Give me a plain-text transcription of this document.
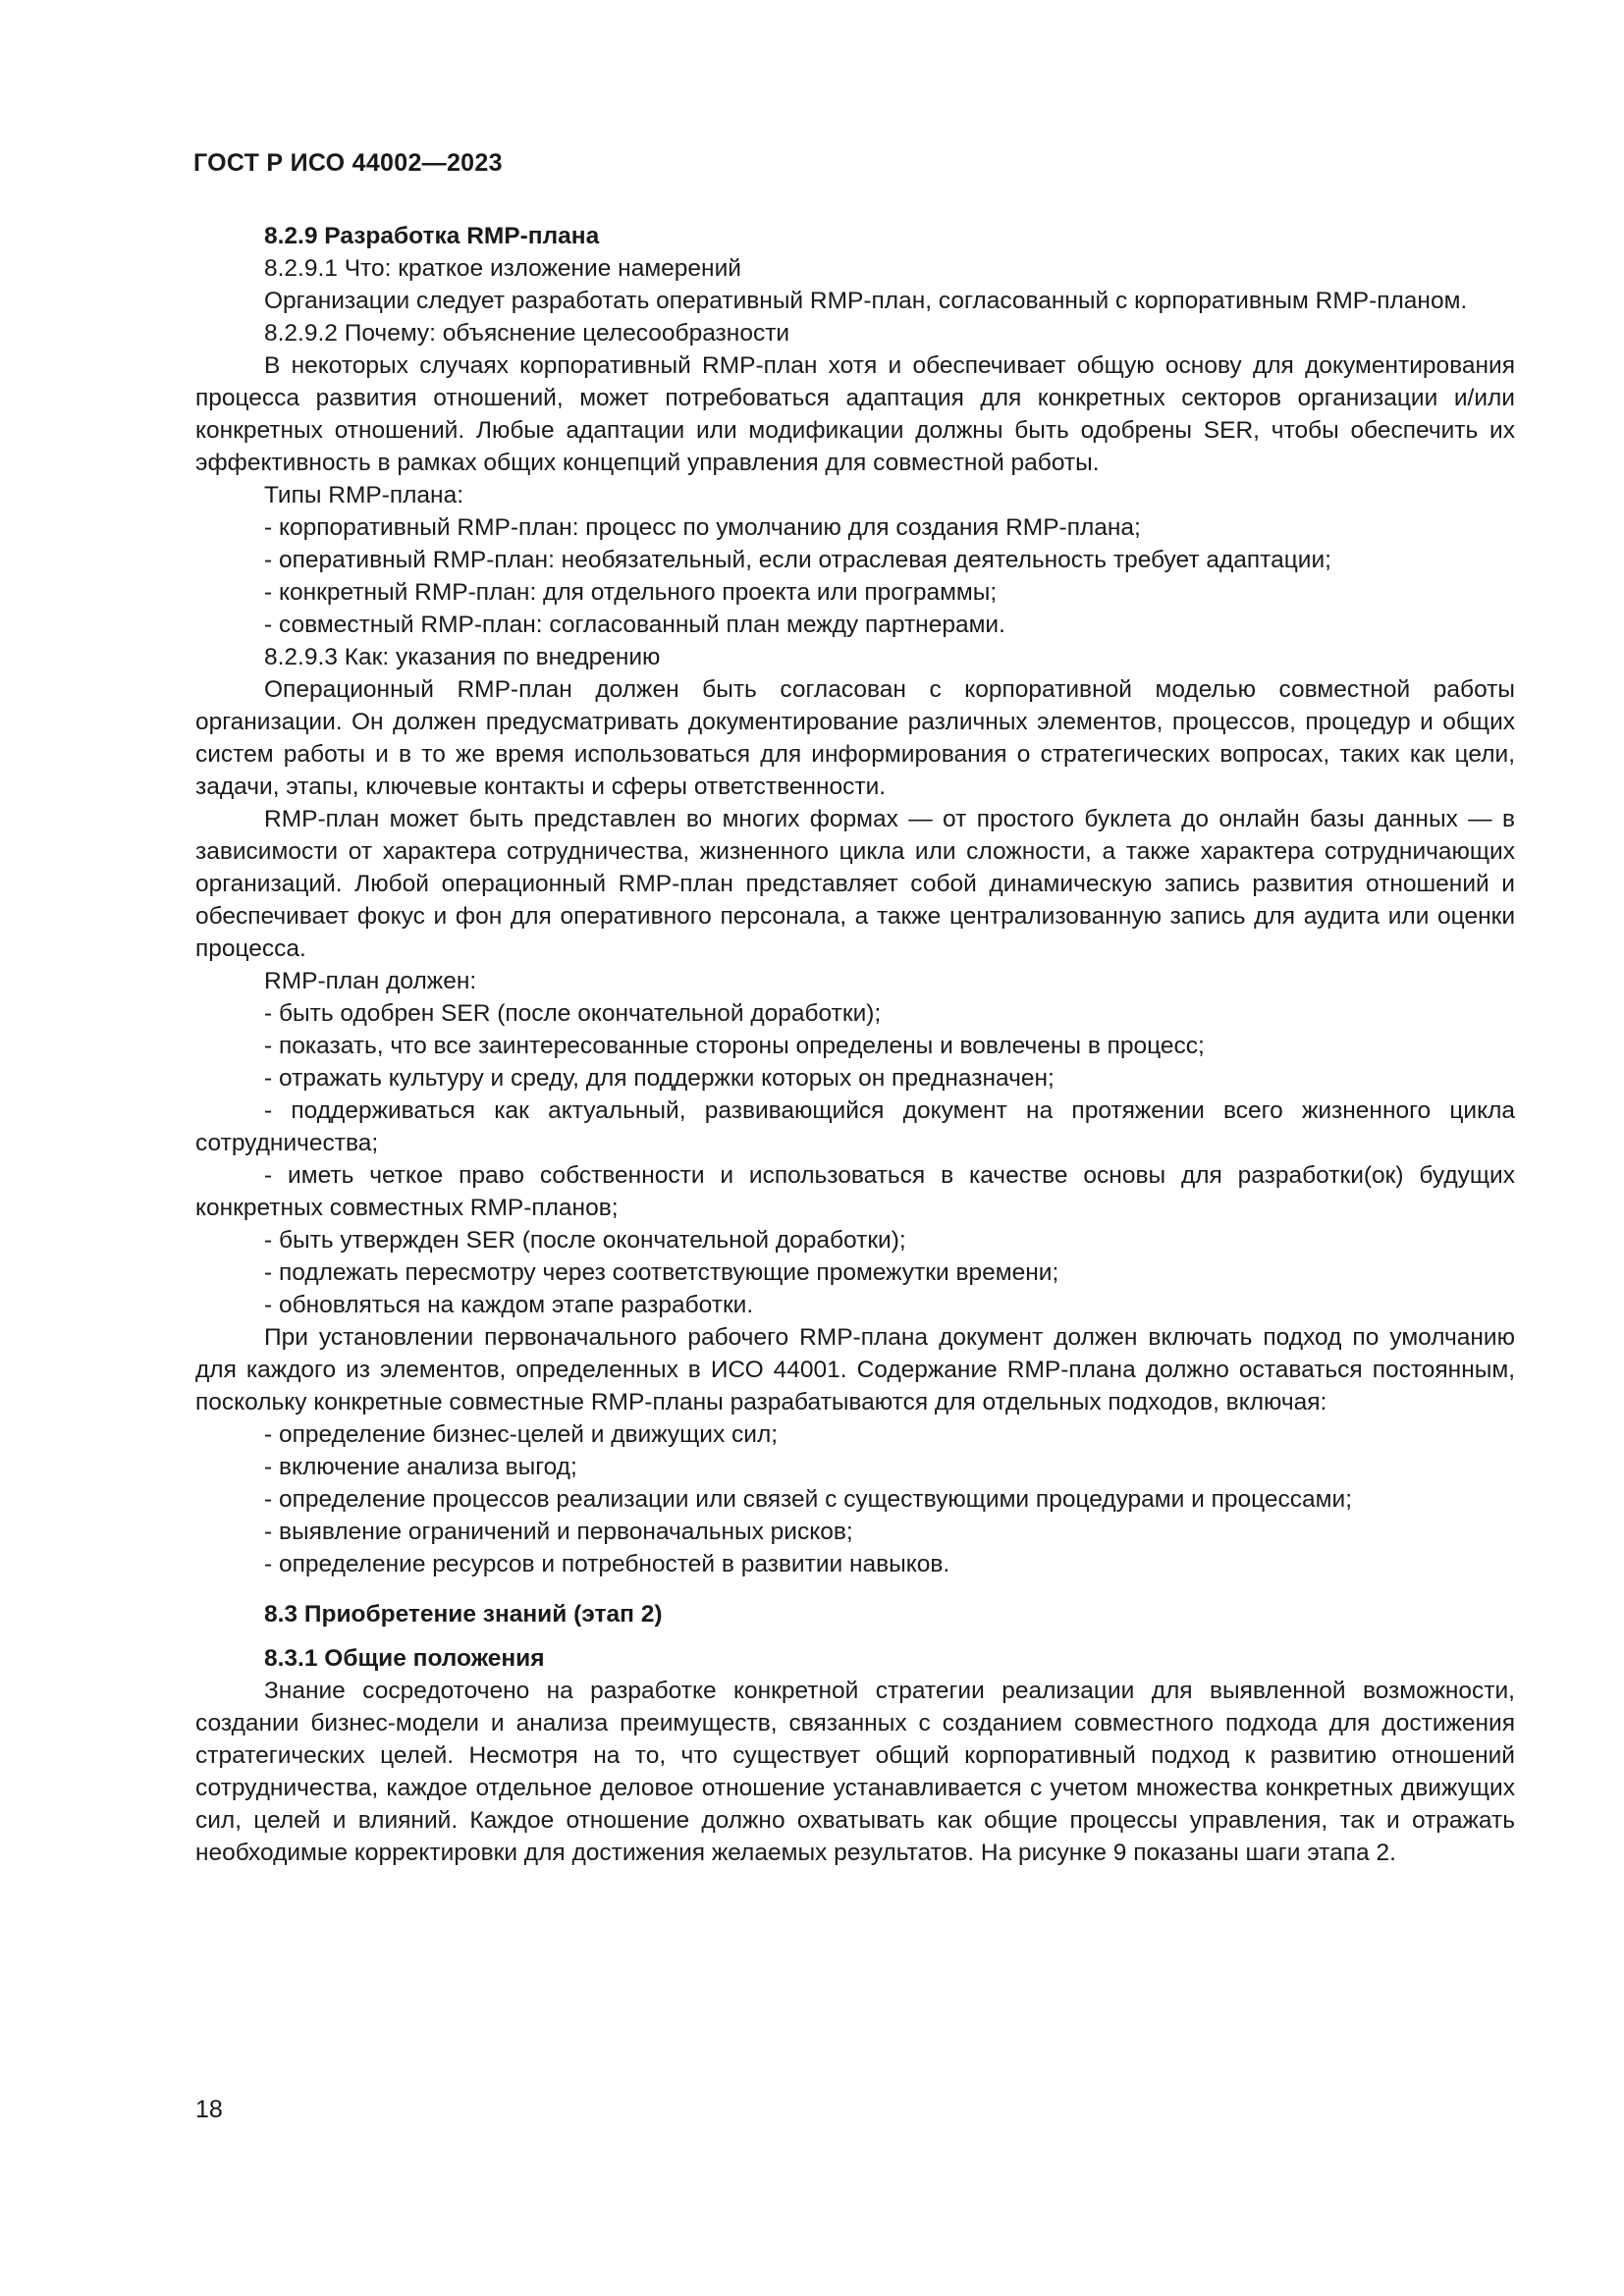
ГОСТ Р ИСО 44002—2023

8.2.9 Разработка RMP-плана

8.2.9.1 Что: краткое изложение намерений

Организации следует разработать оперативный RMP-план, согласованный с корпоративным RMP-планом.

8.2.9.2 Почему: объяснение целесообразности

В некоторых случаях корпоративный RMP-план хотя и обеспечивает общую основу для документирования процесса развития отношений, может потребоваться адаптация для конкретных секторов организации и/или конкретных отношений. Любые адаптации или модификации должны быть одобрены SER, чтобы обеспечить их эффективность в рамках общих концепций управления для совместной работы.

Типы RMP-плана:

- корпоративный RMP-план: процесс по умолчанию для создания RMP-плана;
- оперативный RMP-план: необязательный, если отраслевая деятельность требует адаптации;
- конкретный RMP-план: для отдельного проекта или программы;
- совместный RMP-план: согласованный план между партнерами.

8.2.9.3 Как: указания по внедрению

Операционный RMP-план должен быть согласован с корпоративной моделью совместной работы организации. Он должен предусматривать документирование различных элементов, процессов, процедур и общих систем работы и в то же время использоваться для информирования о стратегических вопросах, таких как цели, задачи, этапы, ключевые контакты и сферы ответственности.

RMP-план может быть представлен во многих формах — от простого буклета до онлайн базы данных — в зависимости от характера сотрудничества, жизненного цикла или сложности, а также характера сотрудничающих организаций. Любой операционный RMP-план представляет собой динамическую запись развития отношений и обеспечивает фокус и фон для оперативного персонала, а также централизованную запись для аудита или оценки процесса.

RMP-план должен:

- быть одобрен SER (после окончательной доработки);
- показать, что все заинтересованные стороны определены и вовлечены в процесс;
- отражать культуру и среду, для поддержки которых он предназначен;
- поддерживаться как актуальный, развивающийся документ на протяжении всего жизненного цикла сотрудничества;
- иметь четкое право собственности и использоваться в качестве основы для разработки(ок) будущих конкретных совместных RMP-планов;
- быть утвержден SER (после окончательной доработки);
- подлежать пересмотру через соответствующие промежутки времени;
- обновляться на каждом этапе разработки.

При установлении первоначального рабочего RMP-плана документ должен включать подход по умолчанию для каждого из элементов, определенных в ИСО 44001. Содержание RMP-плана должно оставаться постоянным, поскольку конкретные совместные RMP-планы разрабатываются для отдельных подходов, включая:

- определение бизнес-целей и движущих сил;
- включение анализа выгод;
- определение процессов реализации или связей с существующими процедурами и процессами;
- выявление ограничений и первоначальных рисков;
- определение ресурсов и потребностей в развитии навыков.

8.3 Приобретение знаний (этап 2)

8.3.1 Общие положения

Знание сосредоточено на разработке конкретной стратегии реализации для выявленной возможности, создании бизнес-модели и анализа преимуществ, связанных с созданием совместного подхода для достижения стратегических целей. Несмотря на то, что существует общий корпоративный подход к развитию отношений сотрудничества, каждое отдельное деловое отношение устанавливается с учетом множества конкретных движущих сил, целей и влияний. Каждое отношение должно охватывать как общие процессы управления, так и отражать необходимые корректировки для достижения желаемых результатов. На рисунке 9 показаны шаги этапа 2.

18
